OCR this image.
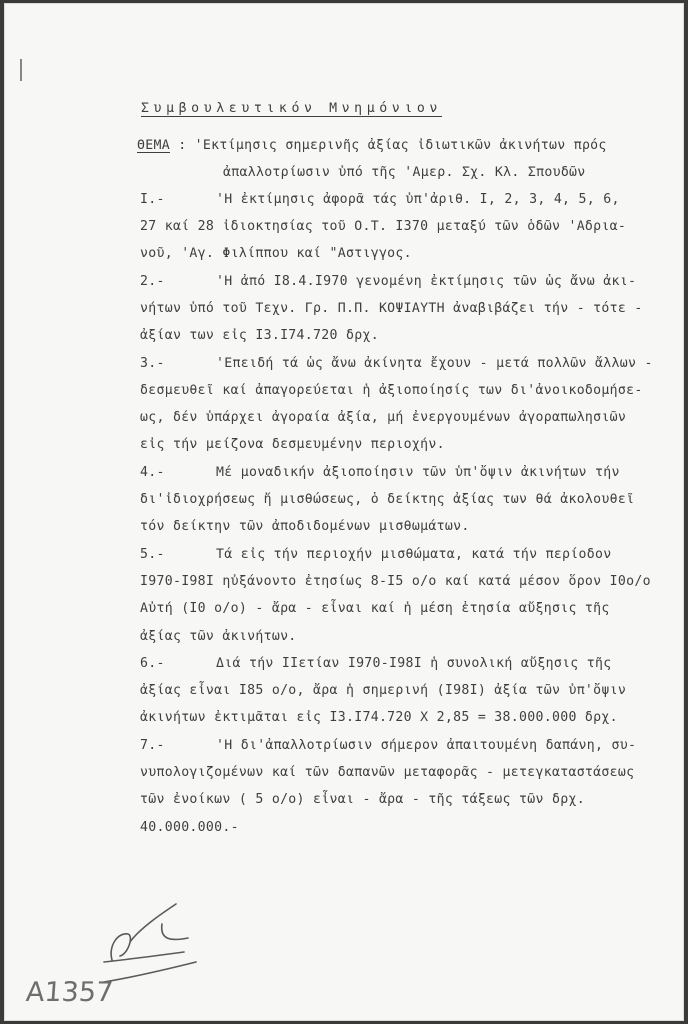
Συμβουλευτικόν Μνημόνιον
ΘΕΜΑ : 'Εκτίμησις σημερινῆς ἀξίας ἰδιωτικῶν ἀκινήτων πρός
ἀπαλλοτρίωσιν ὑπό τῆς 'Αμερ. Σχ. Κλ. Σπουδῶν
I.-	'Η ἐκτίμησις ἀφορᾶ τάς ὑπ'ἀριθ. I, 2, 3, 4, 5, 6,
27 καί 28 ἰδιοκτησίας τοῦ Ο.Τ. I370 μεταξύ τῶν ὁδῶν 'Αδρια-
νοῦ, 'Αγ. Φιλίππου καί "Αστιγγος.
2.-	'Η ἀπό I8.4.I970 γενομένη ἐκτίμησις τῶν ὡς ἄνω ἀκι-
νήτων ὑπό τοῦ Τεχν. Γρ. Π.Π. ΚΟΨΙΑΥΤΗ ἀναβιβάζει τήν - τότε -
ἀξίαν των εἰς I3.I74.720 δρχ.
3.-	'Επειδή τά ὡς ἄνω ἀκίνητα ἔχουν - μετά πολλῶν ἄλλων -
δεσμευθεῖ καί ἀπαγορεύεται ἡ ἀξιοποίησίς των δι'ἀνοικοδομήσε-
ως, δέν ὑπάρχει ἀγοραία ἀξία, μή ἐνεργουμένων ἀγοραπωλησιῶν
εἰς τήν μείζονα δεσμευμένην περιοχήν.
4.-	Μέ μοναδικήν ἀξιοποίησιν τῶν ὑπ'ὄψιν ἀκινήτων τήν
δι'ἰδιοχρήσεως ἤ μισθώσεως, ὁ δείκτης ἀξίας των θά ἀκολουθεῖ
τόν δείκτην τῶν ἀποδιδομένων μισθωμάτων.
5.-	Τά εἰς τήν περιοχήν μισθώματα, κατά τήν περίοδον
I970-I98I ηὐξάνοντο ἐτησίως 8-I5 ο/ο καί κατά μέσον ὅρον I0ο/ο
Αὐτή (I0 ο/ο) - ἄρα - εἶναι καί ἡ μέση ἐτησία αὔξησις τῆς
ἀξίας τῶν ἀκινήτων.
6.-	Διά τήν IIετίαν I970-I98I ἡ συνολική αὔξησις τῆς
ἀξίας εἶναι I85 ο/ο, ἄρα ἡ σημερινή (I98I) ἀξία τῶν ὑπ'ὄψιν
ἀκινήτων ἐκτιμᾶται εἰς I3.I74.720 Χ 2,85 = 38.000.000 δρχ.
7.-	'Η δι'ἀπαλλοτρίωσιν σήμερον ἀπαιτουμένη δαπάνη, συ-
νυπολογιζομένων καί τῶν δαπανῶν μεταφορᾶς - μετεγκαταστάσεως
τῶν ἐνοίκων ( 5 ο/ο) εἶναι - ἄρα - τῆς τάξεως τῶν δρχ.
40.000.000.-
A1357
